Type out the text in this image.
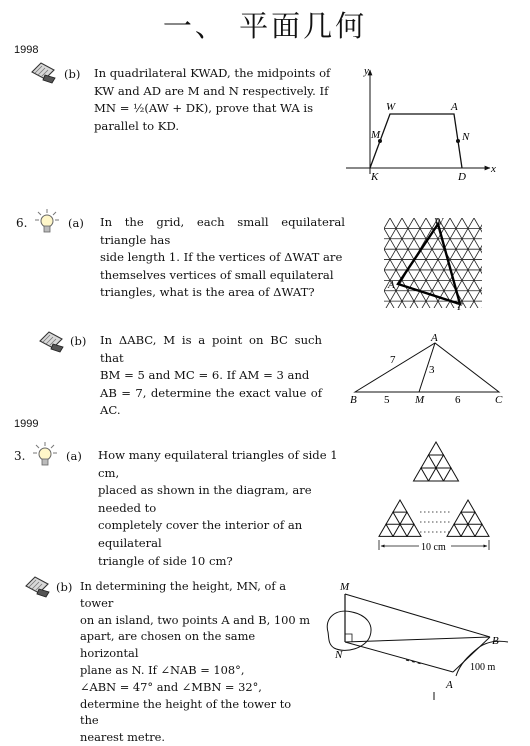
一、 平面几何
1998
(b) In quadrilateral KWAD, the midpoints of
KW and AD are M and N respectively. If
MN = ½(AW + DK), prove that WA is
parallel to KD.
y
x
W	A
M	N
K	D
6.	(a) In the grid, each small equilateral triangle has
side length 1. If the vertices of ΔWAT are
themselves vertices of small equilateral
triangles, what is the area of ΔWAT?
W
A
T
(b) In ΔABC, M is a point on BC such that
BM = 5 and MC = 6. If AM = 3 and
AB = 7, determine the exact value of AC.
A
B	M	C
7
3
5	6
1999
3.	(a) How many equilateral triangles of side 1 cm,
placed as shown in the diagram, are needed to
completely cover the interior of an equilateral
triangle of side 10 cm?
10 cm
(b) In determining the height, MN, of a tower
on an island, two points A and B, 100 m
apart, are chosen on the same horizontal
plane as N. If ∠NAB = 108°,
∠ABN = 47° and ∠MBN = 32°,
determine the height of the tower to the
nearest metre.
M
N
B
A
100 m
